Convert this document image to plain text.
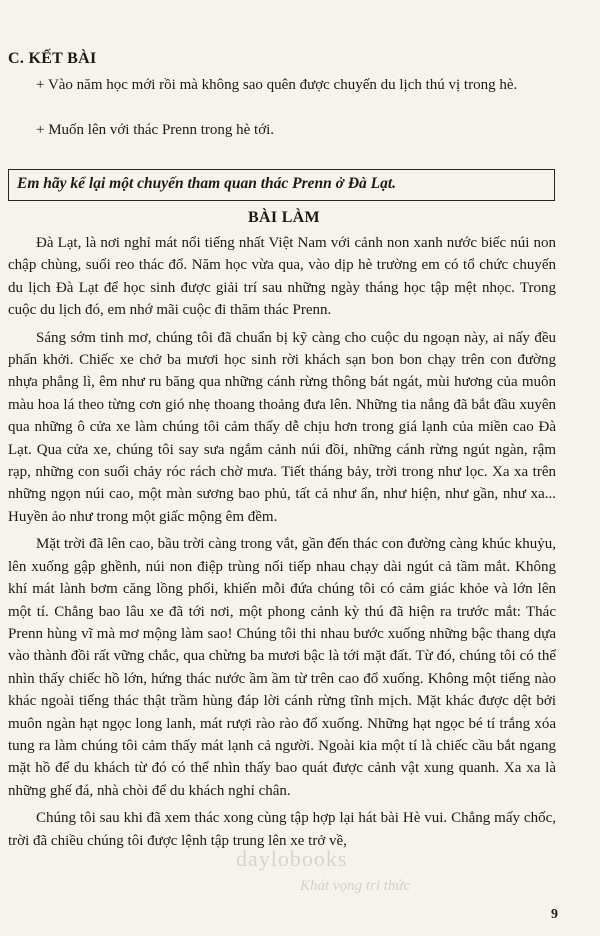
C. KẾT BÀI
+ Vào năm học mới rồi mà không sao quên được chuyến du lịch thú vị trong hè.
+ Muốn lên với thác Prenn trong hè tới.
Em hãy kể lại một chuyến tham quan thác Prenn ở Đà Lạt.
BÀI LÀM

Đà Lạt, là nơi nghỉ mát nổi tiếng nhất Việt Nam với cảnh non xanh nước biếc núi non chập chùng, suối reo thác đổ. Năm học vừa qua, vào dịp hè trường em có tổ chức chuyến du lịch Đà Lạt để học sinh được giải trí sau những ngày tháng học tập mệt nhọc. Trong cuộc du lịch đó, em nhớ mãi cuộc đi thăm thác Prenn.

Sáng sớm tinh mơ, chúng tôi đã chuẩn bị kỹ càng cho cuộc du ngoạn này, ai nấy đều phấn khởi. Chiếc xe chở ba mươi học sinh rời khách sạn bon bon chạy trên con đường nhựa phẳng lì, êm như ru băng qua những cánh rừng thông bát ngát, mùi hương của muôn màu hoa lá theo từng cơn gió nhẹ thoang thoảng đưa lên. Những tia nắng đã bắt đầu xuyên qua những ô cửa xe làm chúng tôi cảm thấy dễ chịu hơn trong giá lạnh của miền cao Đà Lạt. Qua cửa xe, chúng tôi say sưa ngắm cảnh núi đồi, những cánh rừng ngút ngàn, rậm rạp, những con suối chảy róc rách chờ mưa. Tiết tháng bảy, trời trong như lọc. Xa xa trên những ngọn núi cao, một màn sương bao phủ, tất cả như ẩn, như hiện, như gần, như xa... Huyền ảo như trong một giấc mộng êm đềm.

Mặt trời đã lên cao, bầu trời càng trong vắt, gần đến thác con đường càng khúc khuỷu, lên xuống gập ghềnh, núi non điệp trùng nối tiếp nhau chạy dài ngút cả tầm mắt. Không khí mát lành bơm căng lồng phổi, khiến mỗi đứa chúng tôi có cảm giác khỏe và lớn lên một tí. Chẳng bao lâu xe đã tới nơi, một phong cảnh kỳ thú đã hiện ra trước mắt: Thác Prenn hùng vĩ mà mơ mộng làm sao! Chúng tôi thi nhau bước xuống những bậc thang dựa vào thành đồi rất vững chắc, qua chừng ba mươi bậc là tới mặt đất. Từ đó, chúng tôi có thể nhìn thấy chiếc hồ lớn, hứng thác nước ầm ầm từ trên cao đổ xuống. Không một tiếng nào khác ngoài tiếng thác thật trầm hùng đáp lời cánh rừng tĩnh mịch. Mặt khác được dệt bởi muôn ngàn hạt ngọc long lanh, mát rượi rào rào đổ xuống. Những hạt ngọc bé tí trắng xóa tung ra làm chúng tôi cảm thấy mát lạnh cả người. Ngoài kia một tí là chiếc cầu bắt ngang mặt hồ để du khách từ đó có thể nhìn thấy bao quát được cảnh vật xung quanh. Xa xa là những ghế đá, nhà chòi để du khách nghỉ chân.

Chúng tôi sau khi đã xem thác xong cùng tập hợp lại hát bài Hè vui. Chẳng mấy chốc, trời đã chiều chúng tôi được lệnh tập trung lên xe trở về,

daylobooks
Khát vọng tri thức
9
